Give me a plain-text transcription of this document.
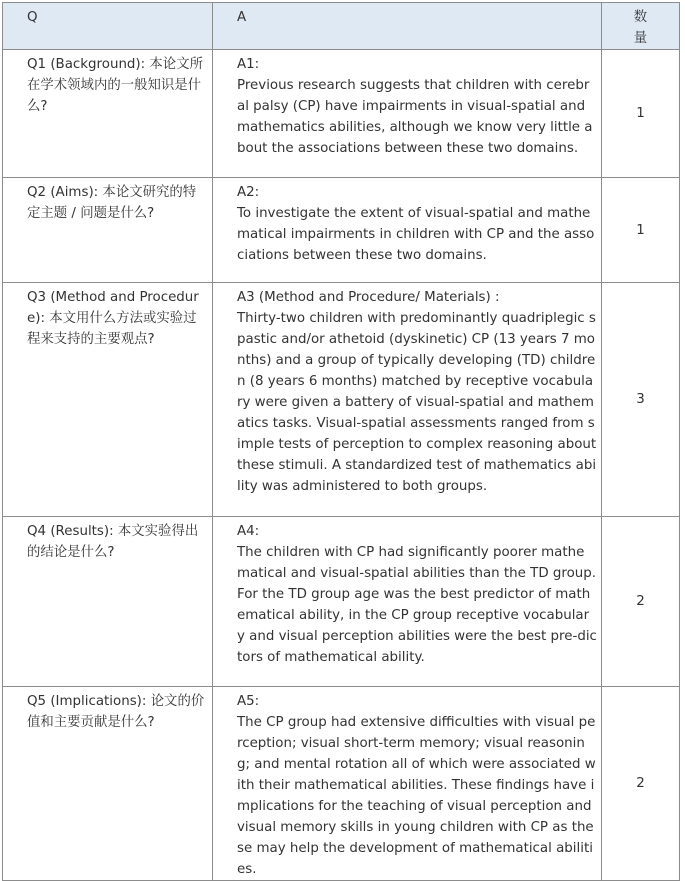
Q	A	数量
Q1 (Background): 本论文所在学术领域内的一般知识是什么?	A1:
Previous research suggests that children with cerebral palsy (CP) have impairments in visual-spatial and mathematics abilities, although we know very little about the associations between these two domains.	1
Q2 (Aims): 本论文研究的特定主题 / 问题是什么?	A2:
To investigate the extent of visual-spatial and mathematical impairments in children with CP and the associations between these two domains.	1
Q3 (Method and Procedure): 本文用什么方法或实验过程来支持的主要观点?	A3 (Method and Procedure/ Materials) :
Thirty-two children with predominantly quadriplegic spastic and/or athetoid (dyskinetic) CP (13 years 7 months) and a group of typically developing (TD) children (8 years 6 months) matched by receptive vocabulary were given a battery of visual-spatial and mathematics tasks. Visual-spatial assessments ranged from simple tests of perception to complex reasoning about these stimuli. A standardized test of mathematics ability was administered to both groups.	3
Q4 (Results): 本文实验得出的结论是什么?	A4:
The children with CP had significantly poorer mathematical and visual-spatial abilities than the TD group. For the TD group age was the best predictor of mathematical ability, in the CP group receptive vocabulary and visual perception abilities were the best pre-dictors of mathematical ability.	2
Q5 (Implications): 论文的价值和主要贡献是什么?	A5:
The CP group had extensive difficulties with visual perception; visual short-term memory; visual reasoning; and mental rotation all of which were associated with their mathematical abilities. These findings have implications for the teaching of visual perception and visual memory skills in young children with CP as these may help the development of mathematical abilities.	2
